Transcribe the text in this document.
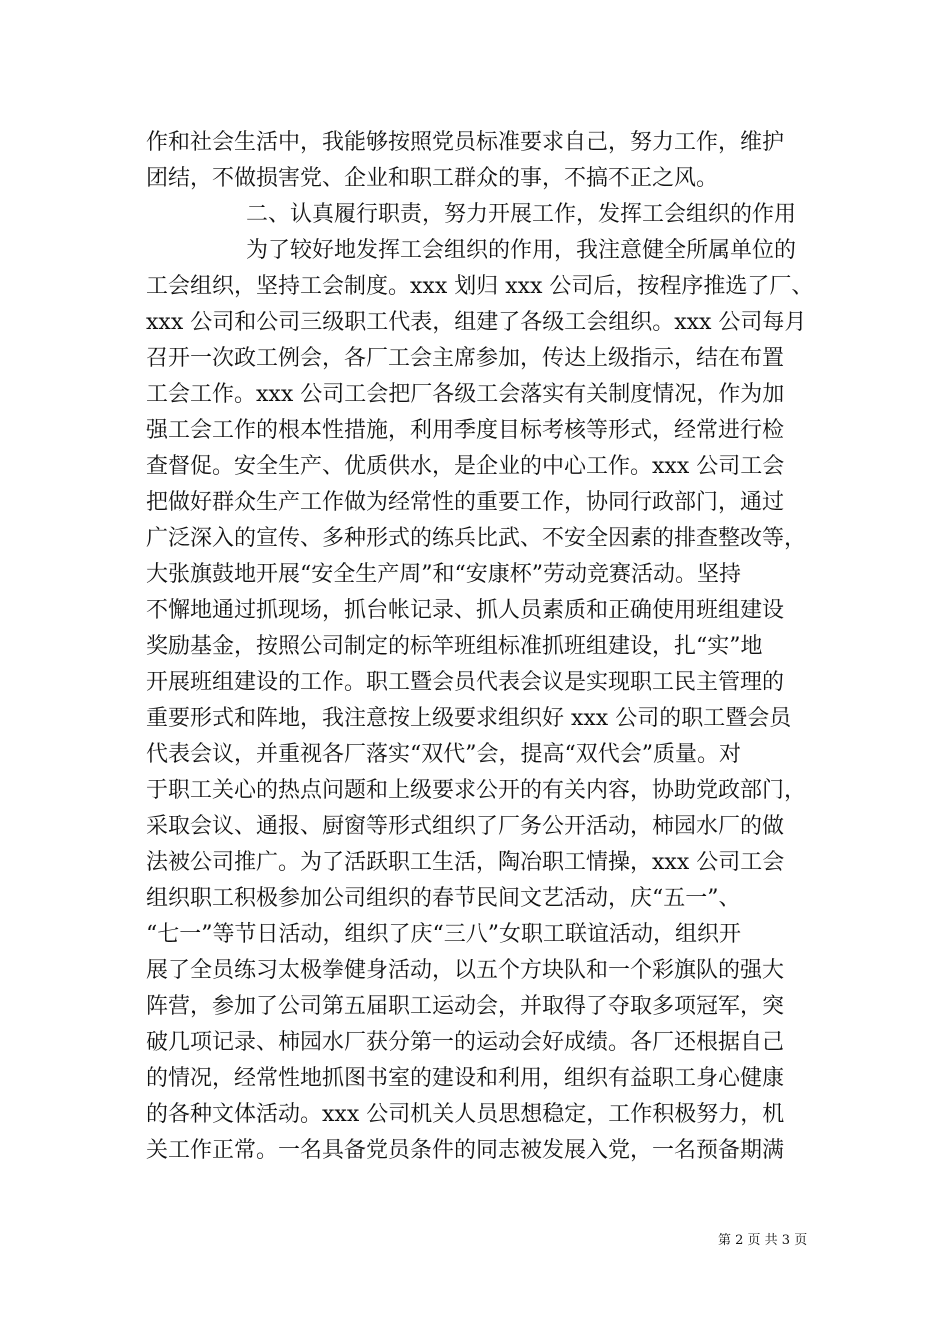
作和社会生活中，我能够按照党员标准要求自己，努力工作，维护
团结，不做损害党、企业和职工群众的事，不搞不正之风。
二、认真履行职责，努力开展工作，发挥工会组织的作用
为了较好地发挥工会组织的作用，我注意健全所属单位的
工会组织，坚持工会制度。xxx 划归 xxx 公司后，按程序推选了厂、
xxx 公司和公司三级职工代表，组建了各级工会组织。xxx 公司每月
召开一次政工例会，各厂工会主席参加，传达上级指示，结在布置
工会工作。xxx 公司工会把厂各级工会落实有关制度情况，作为加
强工会工作的根本性措施，利用季度目标考核等形式，经常进行检
查督促。安全生产、优质供水，是企业的中心工作。xxx 公司工会
把做好群众生产工作做为经常性的重要工作，协同行政部门，通过
广泛深入的宣传、多种形式的练兵比武、不安全因素的排查整改等，
大张旗鼓地开展“安全生产周”和“安康杯”劳动竞赛活动。坚持
不懈地通过抓现场，抓台帐记录、抓人员素质和正确使用班组建设
奖励基金，按照公司制定的标竿班组标准抓班组建设，扎“实”地
开展班组建设的工作。职工暨会员代表会议是实现职工民主管理的
重要形式和阵地，我注意按上级要求组织好 xxx 公司的职工暨会员
代表会议，并重视各厂落实“双代”会，提高“双代会”质量。对
于职工关心的热点问题和上级要求公开的有关内容，协助党政部门，
采取会议、通报、厨窗等形式组织了厂务公开活动，柿园水厂的做
法被公司推广。为了活跃职工生活，陶冶职工情操，xxx 公司工会
组织职工积极参加公司组织的春节民间文艺活动，庆“五一”、
“七一”等节日活动，组织了庆“三八”女职工联谊活动，组织开
展了全员练习太极拳健身活动，以五个方块队和一个彩旗队的强大
阵营，参加了公司第五届职工运动会，并取得了夺取多项冠军，突
破几项记录、柿园水厂获分第一的运动会好成绩。各厂还根据自己
的情况，经常性地抓图书室的建设和利用，组织有益职工身心健康
的各种文体活动。xxx 公司机关人员思想稳定，工作积极努力，机
关工作正常。一名具备党员条件的同志被发展入党，一名预备期满
第 2 页 共 3 页
